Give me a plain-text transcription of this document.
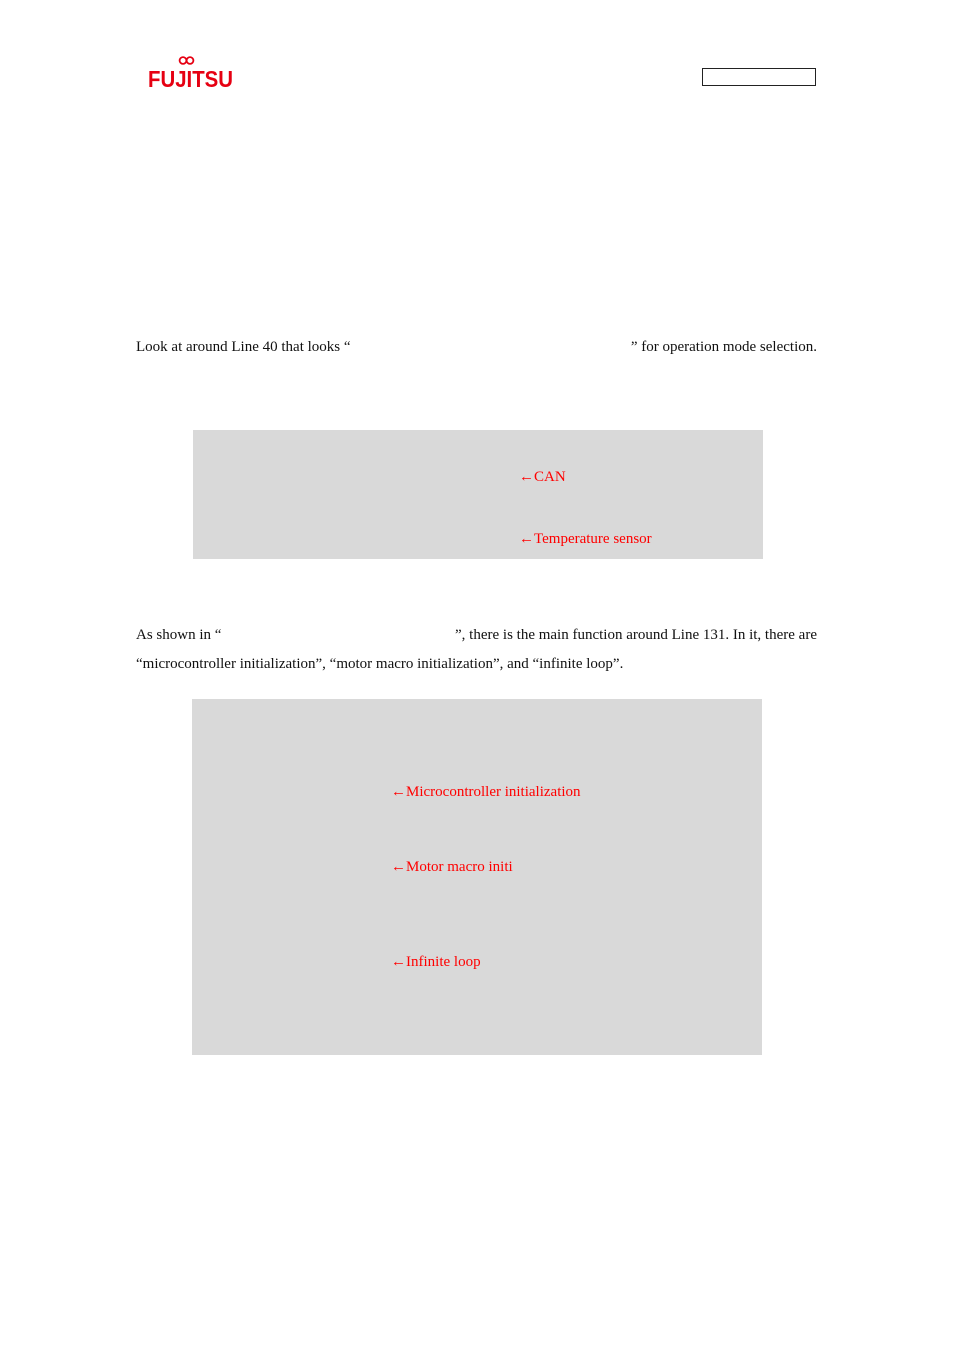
FUJITSU
Look at around Line 40 that looks “	” for operation mode selection.
←CAN
←Temperature sensor
As shown in “	”, there is the main function around Line 131. In it, there are
“microcontroller initialization”, “motor macro initialization”, and “infinite loop”.
←Microcontroller initialization
←Motor macro initi
←Infinite loop
